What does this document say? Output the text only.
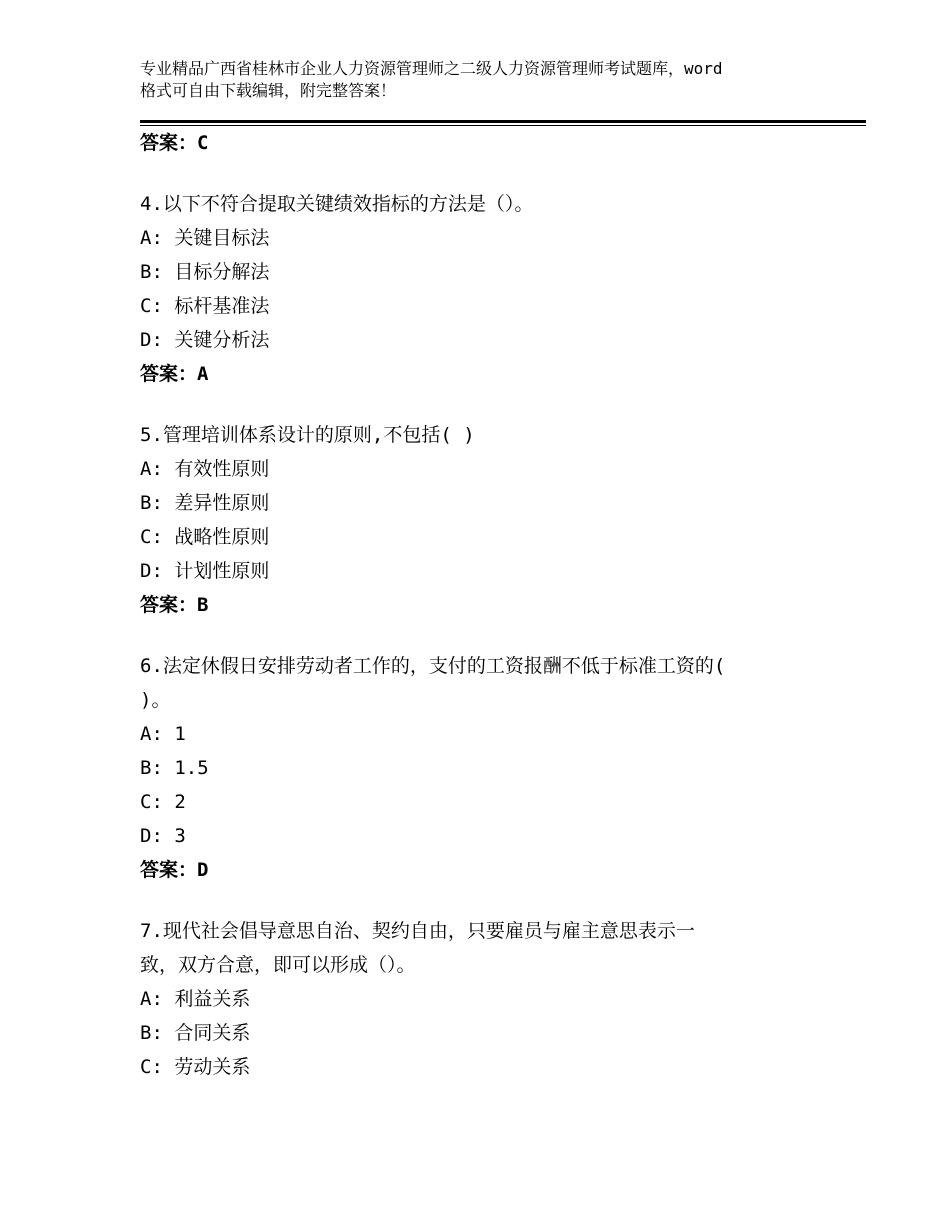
专业精品广西省桂林市企业人力资源管理师之二级人力资源管理师考试题库，word
格式可自由下载编辑，附完整答案！
答案：C
4.以下不符合提取关键绩效指标的方法是（）。
A: 关键目标法
B: 目标分解法
C: 标杆基准法
D: 关键分析法
答案：A
5.管理培训体系设计的原则,不包括( )
A: 有效性原则
B: 差异性原则
C: 战略性原则
D: 计划性原则
答案：B
6.法定休假日安排劳动者工作的，支付的工资报酬不低于标准工资的(
)。
A: 1
B: 1.5
C: 2
D: 3
答案：D
7.现代社会倡导意思自治、契约自由，只要雇员与雇主意思表示一
致，双方合意，即可以形成（）。
A: 利益关系
B: 合同关系
C: 劳动关系
